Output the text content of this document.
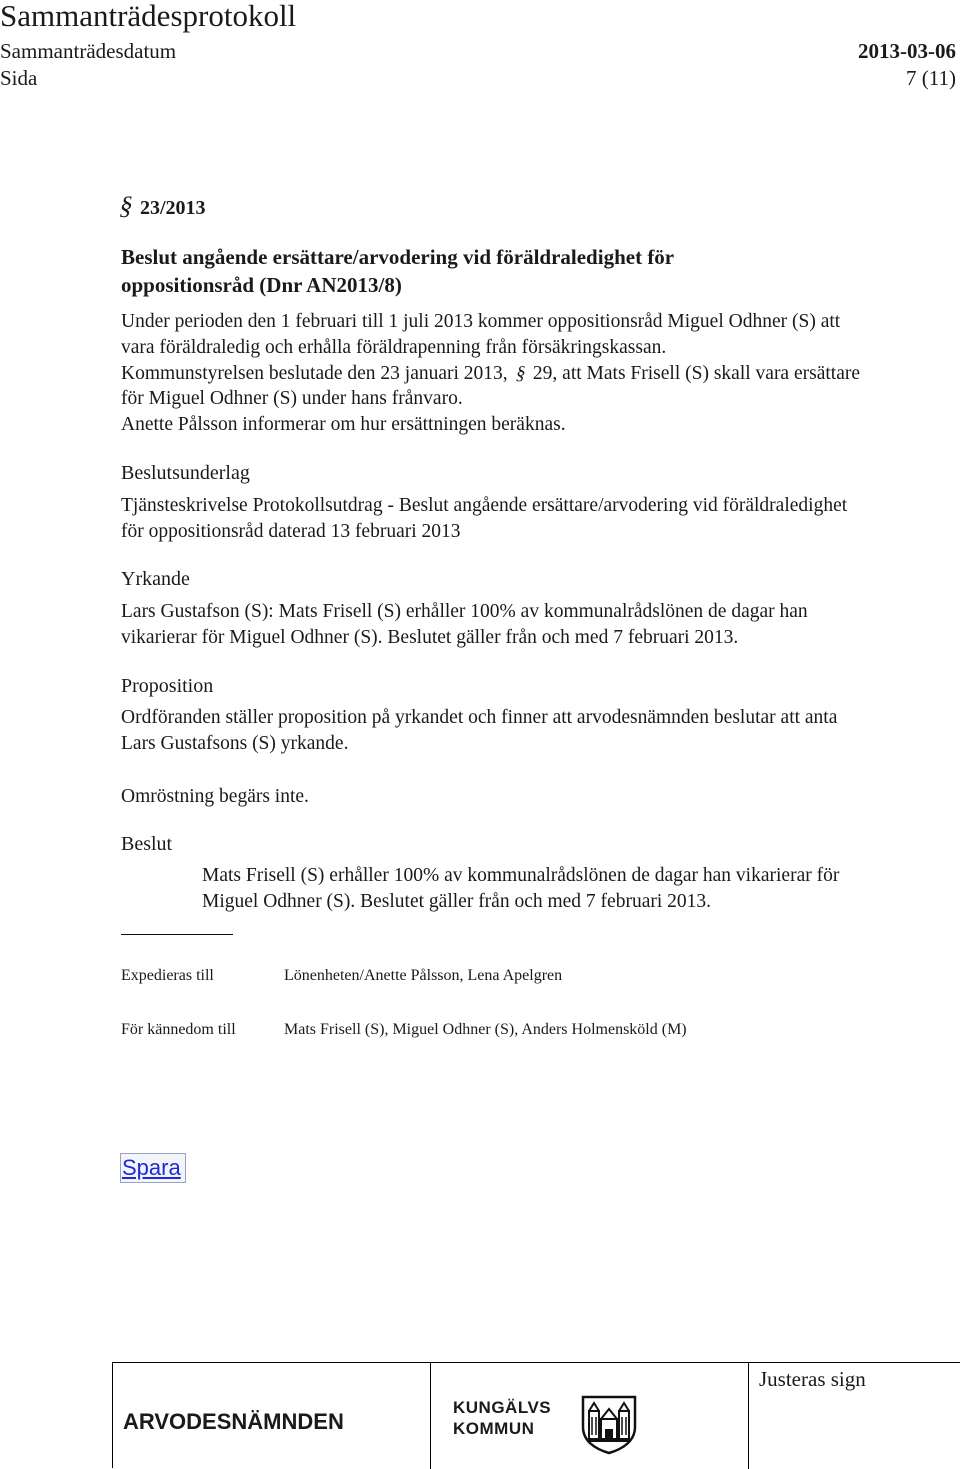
Sammanträdesprotokoll
Sammanträdesdatum	2013-03-06
Sida	7 (11)
§ 23/2013
Beslut angående ersättare/arvodering vid föräldraledighet för
oppositionsråd (Dnr AN2013/8)
Under perioden den 1 februari till 1 juli 2013 kommer oppositionsråd Miguel Odhner (S) att
vara föräldraledig och erhålla föräldrapenning från försäkringskassan.
Kommunstyrelsen beslutade den 23 januari 2013, § 29, att Mats Frisell (S) skall vara ersättare
för Miguel Odhner (S) under hans frånvaro.
Anette Pålsson informerar om hur ersättningen beräknas.
Beslutsunderlag
Tjänsteskrivelse Protokollsutdrag - Beslut angående ersättare/arvodering vid föräldraledighet
för oppositionsråd daterad 13 februari 2013
Yrkande
Lars Gustafson (S): Mats Frisell (S) erhåller 100% av kommunalrådslönen de dagar han
vikarierar för Miguel Odhner (S). Beslutet gäller från och med 7 februari 2013.
Proposition
Ordföranden ställer proposition på yrkandet och finner att arvodesnämnden beslutar att anta
Lars Gustafsons (S) yrkande.
Omröstning begärs inte.
Beslut
Mats Frisell (S) erhåller 100% av kommunalrådslönen de dagar han vikarierar för
Miguel Odhner (S). Beslutet gäller från och med 7 februari 2013.
Expedieras till	Lönenheten/Anette Pålsson, Lena Apelgren
För kännedom till	Mats Frisell (S), Miguel Odhner (S), Anders Holmensköld (M)
Spara
ARVODESNÄMNDEN
KUNGÄLVS
KOMMUN
Justeras sign
